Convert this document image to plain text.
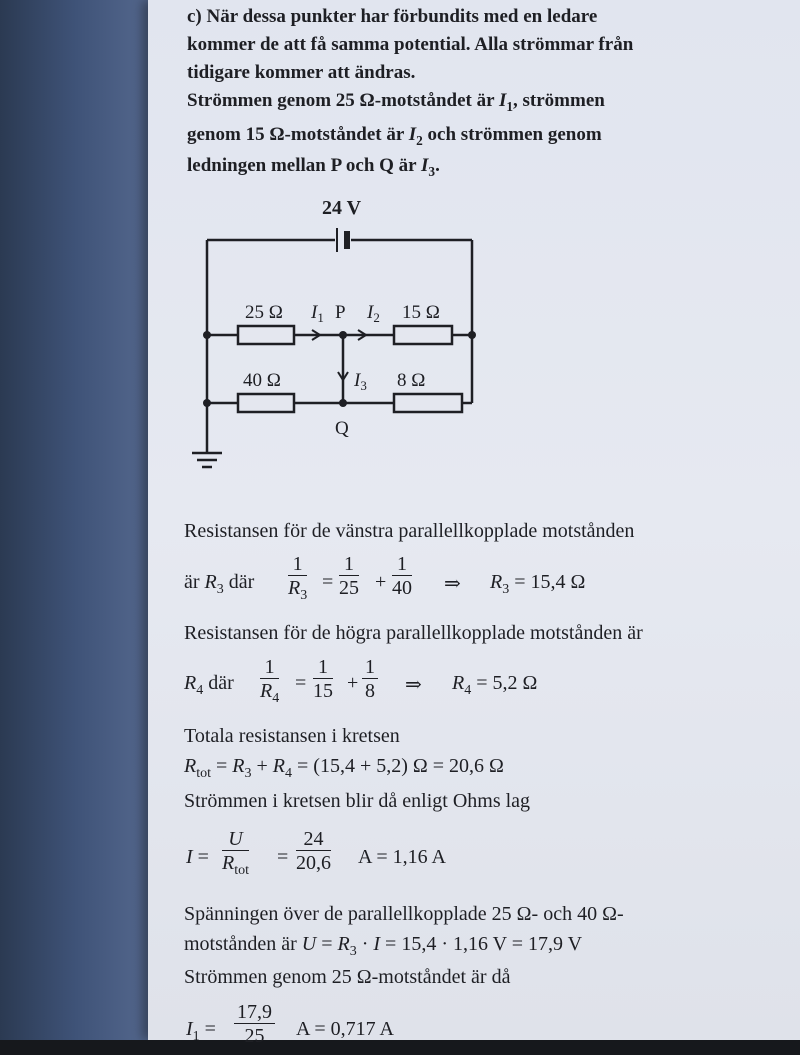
c) När dessa punkter har förbundits med en ledare
kommer de att få samma potential. Alla strömmar från
tidigare kommer att ändras.
Strömmen genom 25 Ω-motståndet är $I_1$, strömmen
genom 15 Ω-motståndet är $I_2$ och strömmen genom
ledningen mellan P och Q är $I_3$.
24 V
25 Ω $I_1$ P $I_2$ 15 Ω
40 Ω	$I_3$ 8 Ω
Q
Resistansen för de vänstra parallellkopplade motstånden
är $R_3$ där $\frac{1}{R_3} = \frac{1}{25} + \frac{1}{40}$ ⇒ $R_3 = 15,4$ Ω
Resistansen för de högra parallellkopplade motstånden är
$R_4$ där $\frac{1}{R_4} = \frac{1}{15} + \frac{1}{8}$ ⇒ $R_4 = 5,2$ Ω
Totala resistansen i kretsen
$R_{tot} = R_3 + R_4 = (15,4 + 5,2) \Omega = 20,6$ Ω
Strömmen i kretsen blir då enligt Ohms lag
I =
U
$R_{tot}$
= $\frac{24}{20,6}$ A = 1,16 A
Spänningen över de parallellkopplade 25 Ω- och 40 Ω-
motstånden är $U = R_3 \cdot I = 15,4 \cdot 1,16$ V = 17,9 V
Strömmen genom 25 Ω-motståndet är då
$I_1 = \frac{17,9}{25}$ A = 0,717 A
